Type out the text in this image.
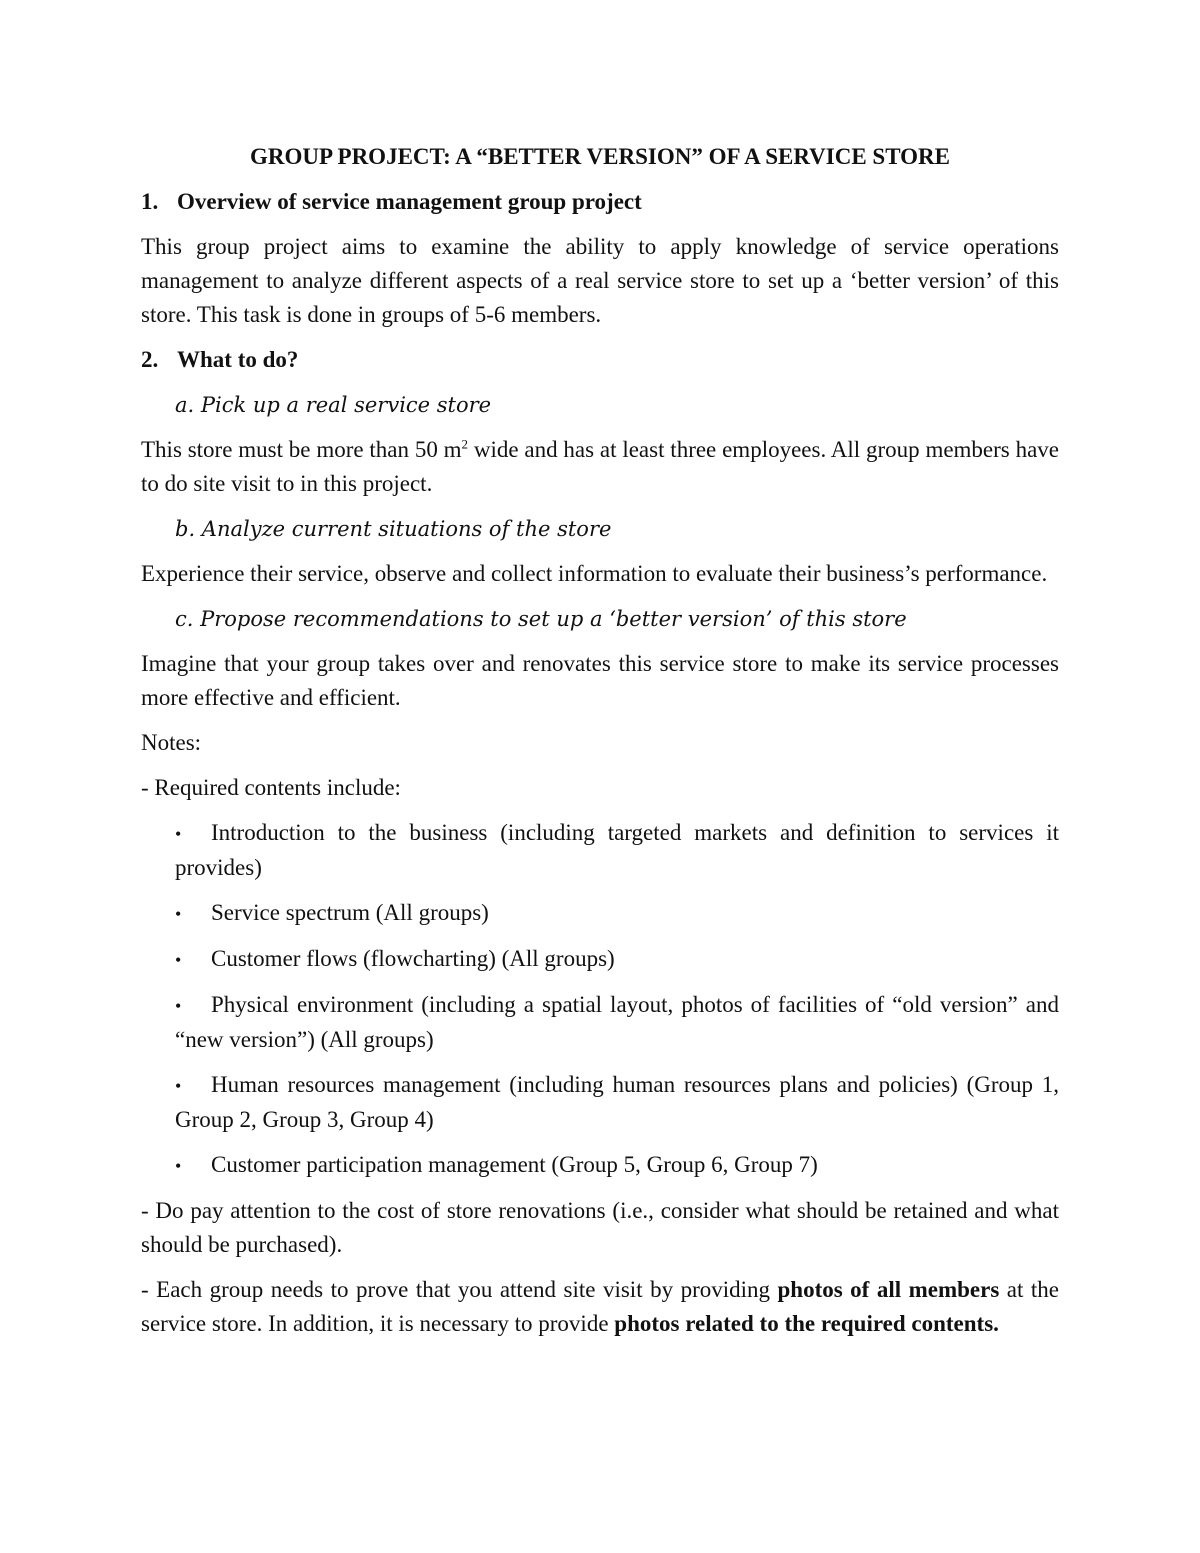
GROUP PROJECT: A “BETTER VERSION” OF A SERVICE STORE
1. Overview of service management group project
This group project aims to examine the ability to apply knowledge of service operations management to analyze different aspects of a real service store to set up a ‘better version’ of this store. This task is done in groups of 5-6 members.
2. What to do?
a. Pick up a real service store
This store must be more than 50 $m^2$ wide and has at least three employees. All group members have to do site visit to in this project.
b. Analyze current situations of the store
Experience their service, observe and collect information to evaluate their business’s performance.
c. Propose recommendations to set up a ‘better version’ of this store
Imagine that your group takes over and renovates this service store to make its service processes more effective and efficient.
Notes:
- Required contents include:
• Introduction to the business (including targeted markets and definition to services it provides)
• Service spectrum (All groups)
• Customer flows (flowcharting) (All groups)
• Physical environment (including a spatial layout, photos of facilities of “old version” and “new version”) (All groups)
• Human resources management (including human resources plans and policies) (Group 1, Group 2, Group 3, Group 4)
• Customer participation management (Group 5, Group 6, Group 7)
- Do pay attention to the cost of store renovations (i.e., consider what should be retained and what should be purchased).
- Each group needs to prove that you attend site visit by providing photos of all members at the service store. In addition, it is necessary to provide photos related to the required contents.
